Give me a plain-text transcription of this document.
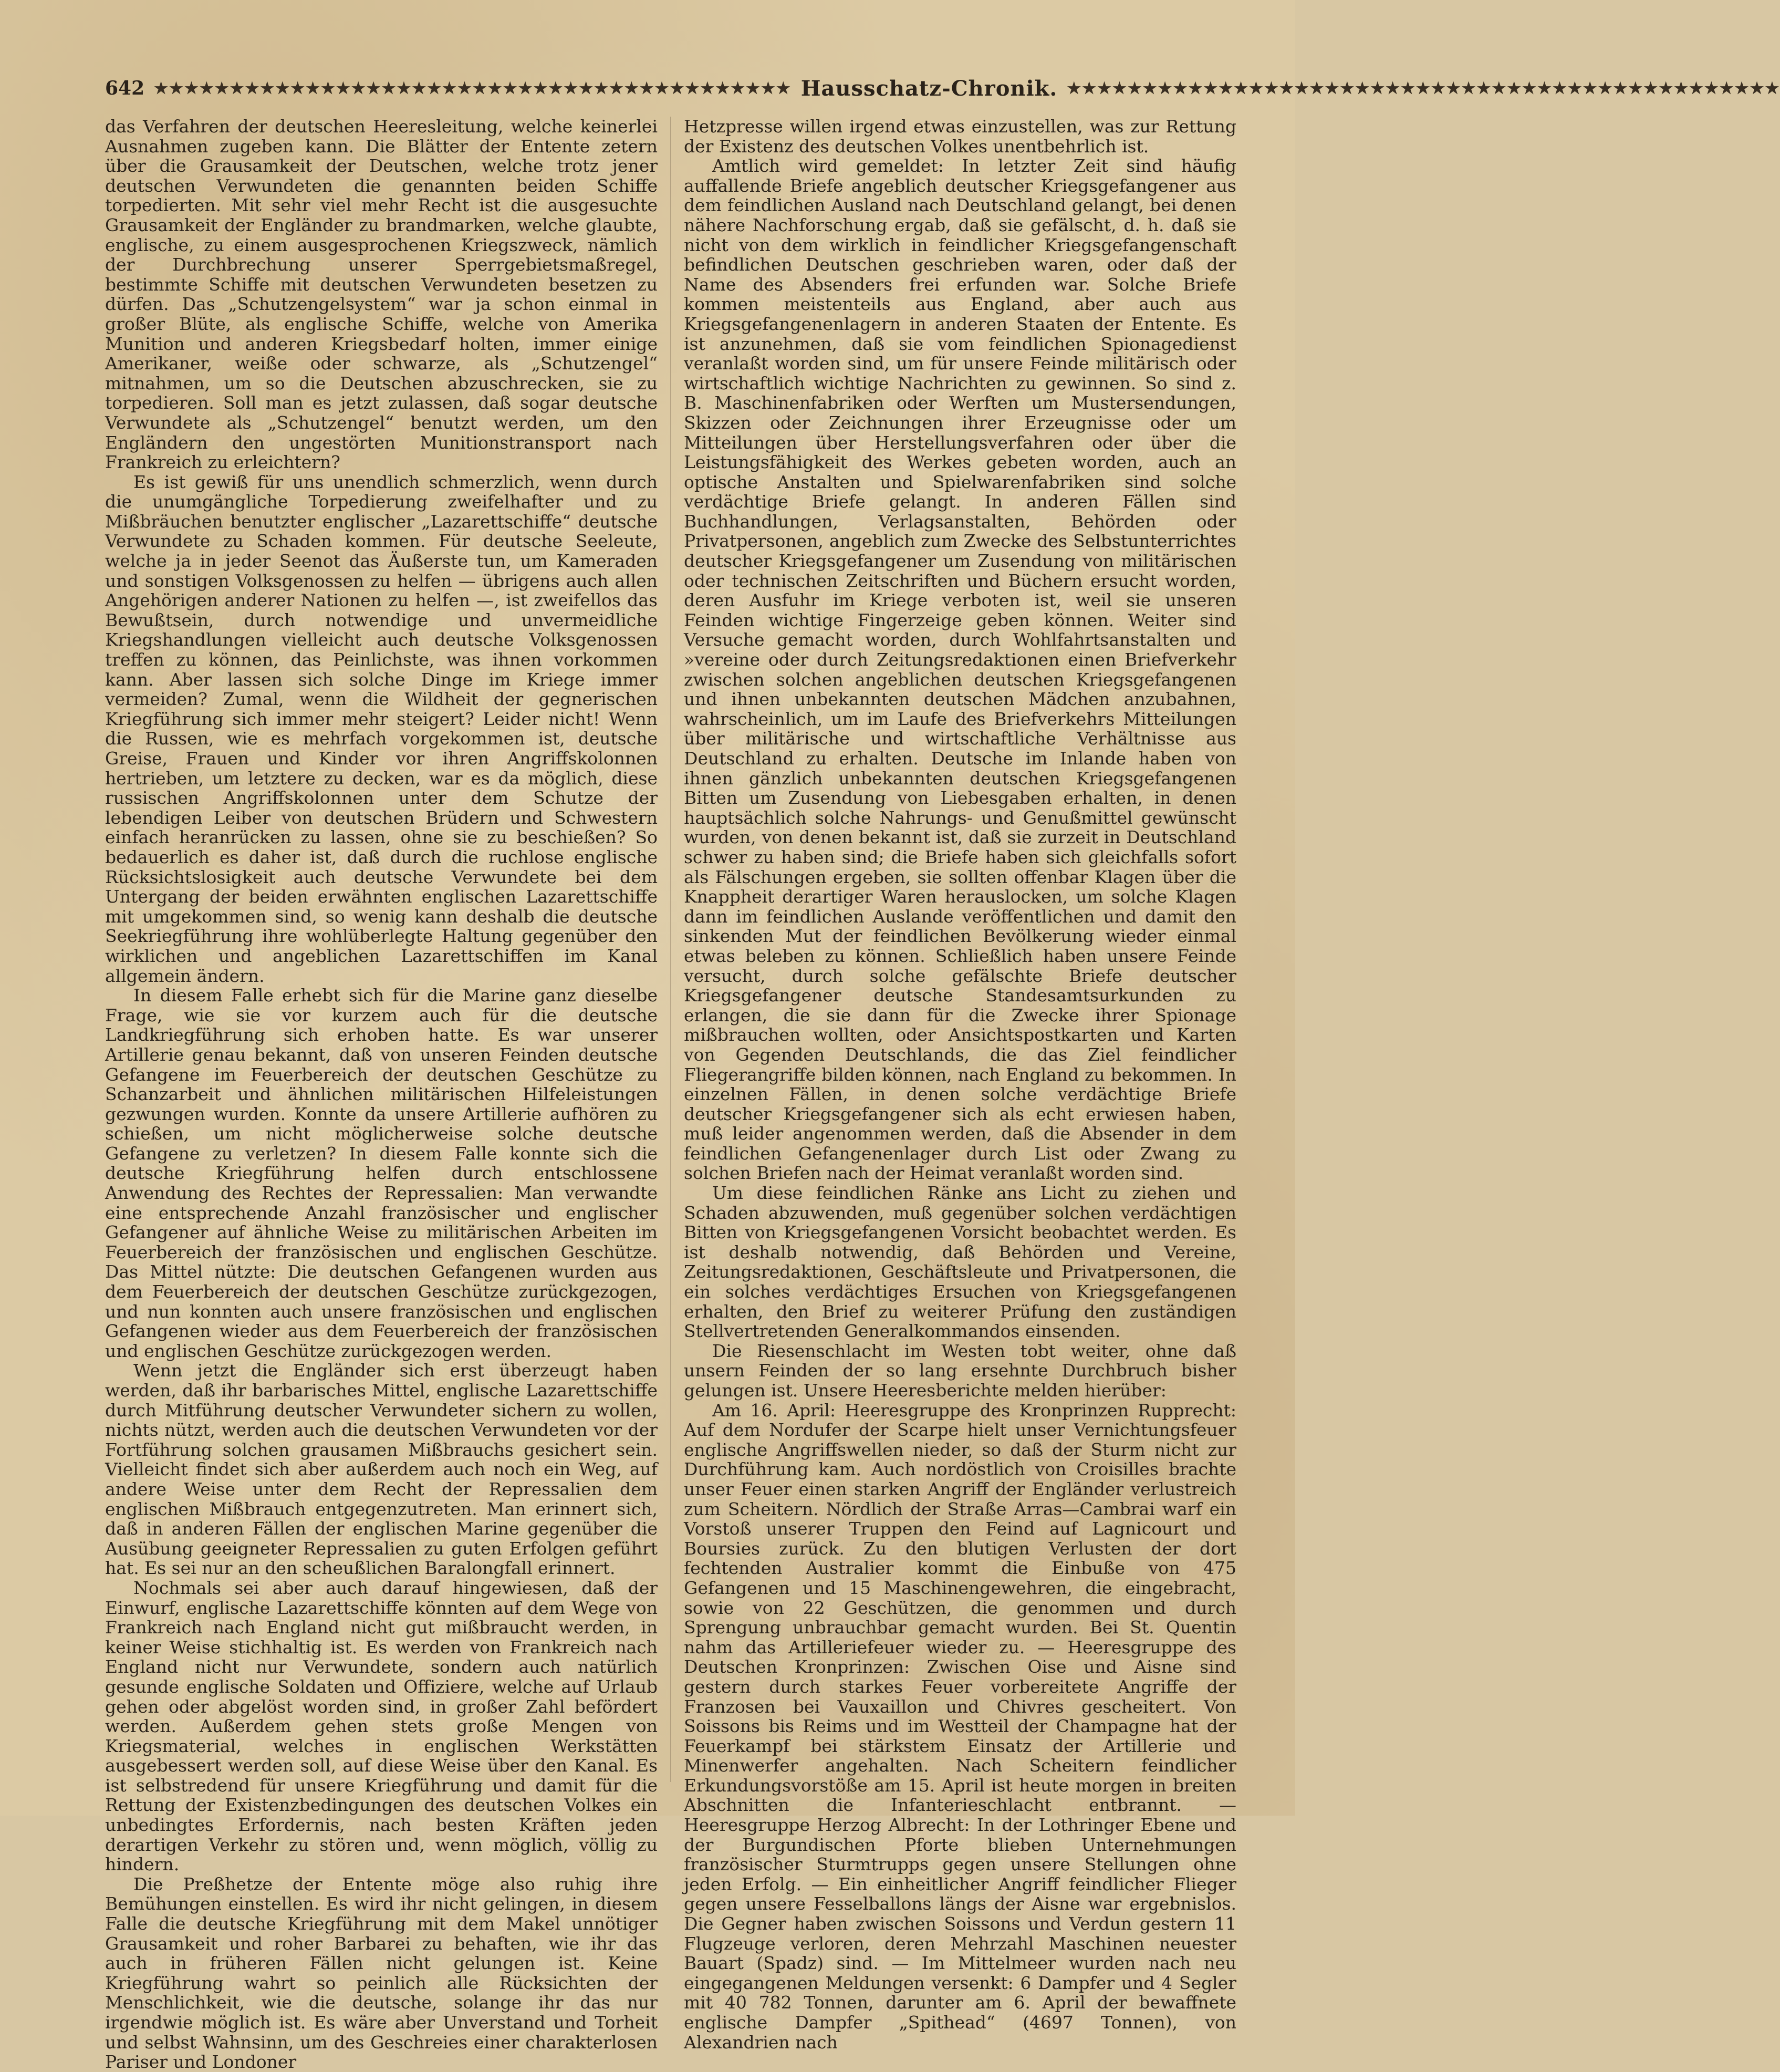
642 ★★★★★★★★★★★★★★★★★★★★★★★★★★★★★★★★★★★★★★★★★★ Hausschatz-Chronik. ★★★★★★★★★★★★★★★★★★★★★★★★★★★★★★★★★★★★★★★★★★★★★★★

das Verfahren der deutschen Heeresleitung, welche keinerlei Ausnahmen zugeben kann. Die Blätter der Entente zetern über die Grausamkeit der Deutschen, welche trotz jener deutschen Verwundeten die genannten beiden Schiffe torpedierten. Mit sehr viel mehr Recht ist die ausgesuchte Grausamkeit der Engländer zu brandmarken, welche glaubte, englische, zu einem ausgesprochenen Kriegszweck, nämlich der Durchbrechung unserer Sperrgebietsmaßregel, bestimmte Schiffe mit deutschen Verwundeten besetzen zu dürfen. Das „Schutzengelsystem“ war ja schon einmal in großer Blüte, als englische Schiffe, welche von Amerika Munition und anderen Kriegsbedarf holten, immer einige Amerikaner, weiße oder schwarze, als „Schutzengel“ mitnahmen, um so die Deutschen abzuschrecken, sie zu torpedieren. Soll man es jetzt zulassen, daß sogar deutsche Verwundete als „Schutzengel“ benutzt werden, um den Engländern den ungestörten Munitionstransport nach Frankreich zu erleichtern?

Es ist gewiß für uns unendlich schmerzlich, wenn durch die unumgängliche Torpedierung zweifelhafter und zu Mißbräuchen benutzter englischer „Lazarettschiffe“ deutsche Verwundete zu Schaden kommen. Für deutsche Seeleute, welche ja in jeder Seenot das Äußerste tun, um Kameraden und sonstigen Volksgenossen zu helfen — übrigens auch allen Angehörigen anderer Nationen zu helfen —, ist zweifellos das Bewußtsein, durch notwendige und unvermeidliche Kriegshandlungen vielleicht auch deutsche Volksgenossen treffen zu können, das Peinlichste, was ihnen vorkommen kann. Aber lassen sich solche Dinge im Kriege immer vermeiden? Zumal, wenn die Wildheit der gegnerischen Kriegführung sich immer mehr steigert? Leider nicht! Wenn die Russen, wie es mehrfach vorgekommen ist, deutsche Greise, Frauen und Kinder vor ihren Angriffskolonnen hertrieben, um letztere zu decken, war es da möglich, diese russischen Angriffskolonnen unter dem Schutze der lebendigen Leiber von deutschen Brüdern und Schwestern einfach heranrücken zu lassen, ohne sie zu beschießen? So bedauerlich es daher ist, daß durch die ruchlose englische Rücksichtslosigkeit auch deutsche Verwundete bei dem Untergang der beiden erwähnten englischen Lazarettschiffe mit umgekommen sind, so wenig kann deshalb die deutsche Seekriegführung ihre wohlüberlegte Haltung gegenüber den wirklichen und angeblichen Lazarettschiffen im Kanal allgemein ändern.

In diesem Falle erhebt sich für die Marine ganz dieselbe Frage, wie sie vor kurzem auch für die deutsche Landkriegführung sich erhoben hatte. Es war unserer Artillerie genau bekannt, daß von unseren Feinden deutsche Gefangene im Feuerbereich der deutschen Geschütze zu Schanzarbeit und ähnlichen militärischen Hilfeleistungen gezwungen wurden. Konnte da unsere Artillerie aufhören zu schießen, um nicht möglicherweise solche deutsche Gefangene zu verletzen? In diesem Falle konnte sich die deutsche Kriegführung helfen durch entschlossene Anwendung des Rechtes der Repressalien: Man verwandte eine entsprechende Anzahl französischer und englischer Gefangener auf ähnliche Weise zu militärischen Arbeiten im Feuerbereich der französischen und englischen Geschütze. Das Mittel nützte: Die deutschen Gefangenen wurden aus dem Feuerbereich der deutschen Geschütze zurückgezogen, und nun konnten auch unsere französischen und englischen Gefangenen wieder aus dem Feuerbereich der französischen und englischen Geschütze zurückgezogen werden.

Wenn jetzt die Engländer sich erst überzeugt haben werden, daß ihr barbarisches Mittel, englische Lazarettschiffe durch Mitführung deutscher Verwundeter sichern zu wollen, nichts nützt, werden auch die deutschen Verwundeten vor der Fortführung solchen grausamen Mißbrauchs gesichert sein. Vielleicht findet sich aber außerdem auch noch ein Weg, auf andere Weise unter dem Recht der Repressalien dem englischen Mißbrauch entgegenzutreten. Man erinnert sich, daß in anderen Fällen der englischen Marine gegenüber die Ausübung geeigneter Repressalien zu guten Erfolgen geführt hat. Es sei nur an den scheußlichen Baralongfall erinnert.

Nochmals sei aber auch darauf hingewiesen, daß der Einwurf, englische Lazarettschiffe könnten auf dem Wege von Frankreich nach England nicht gut mißbraucht werden, in keiner Weise stichhaltig ist. Es werden von Frankreich nach England nicht nur Verwundete, sondern auch natürlich gesunde englische Soldaten und Offiziere, welche auf Urlaub gehen oder abgelöst worden sind, in großer Zahl befördert werden. Außerdem gehen stets große Mengen von Kriegsmaterial, welches in englischen Werkstätten ausgebessert werden soll, auf diese Weise über den Kanal. Es ist selbstredend für unsere Kriegführung und damit für die Rettung der Existenzbedingungen des deutschen Volkes ein unbedingtes Erfordernis, nach besten Kräften jeden derartigen Verkehr zu stören und, wenn möglich, völlig zu hindern.

Die Preßhetze der Entente möge also ruhig ihre Bemühungen einstellen. Es wird ihr nicht gelingen, in diesem Falle die deutsche Kriegführung mit dem Makel unnötiger Grausamkeit und roher Barbarei zu behaften, wie ihr das auch in früheren Fällen nicht gelungen ist. Keine Kriegführung wahrt so peinlich alle Rücksichten der Menschlichkeit, wie die deutsche, solange ihr das nur irgendwie möglich ist. Es wäre aber Unverstand und Torheit und selbst Wahnsinn, um des Geschreies einer charakterlosen Pariser und Londoner

Hetzpresse willen irgend etwas einzustellen, was zur Rettung der Existenz des deutschen Volkes unentbehrlich ist.

Amtlich wird gemeldet: In letzter Zeit sind häufig auffallende Briefe angeblich deutscher Kriegsgefangener aus dem feindlichen Ausland nach Deutschland gelangt, bei denen nähere Nachforschung ergab, daß sie gefälscht, d. h. daß sie nicht von dem wirklich in feindlicher Kriegsgefangenschaft befindlichen Deutschen geschrieben waren, oder daß der Name des Absenders frei erfunden war. Solche Briefe kommen meistenteils aus England, aber auch aus Kriegsgefangenenlagern in anderen Staaten der Entente. Es ist anzunehmen, daß sie vom feindlichen Spionagedienst veranlaßt worden sind, um für unsere Feinde militärisch oder wirtschaftlich wichtige Nachrichten zu gewinnen. So sind z. B. Maschinenfabriken oder Werften um Mustersendungen, Skizzen oder Zeichnungen ihrer Erzeugnisse oder um Mitteilungen über Herstellungsverfahren oder über die Leistungsfähigkeit des Werkes gebeten worden, auch an optische Anstalten und Spielwarenfabriken sind solche verdächtige Briefe gelangt. In anderen Fällen sind Buchhandlungen, Verlagsanstalten, Behörden oder Privatpersonen, angeblich zum Zwecke des Selbstunterrichtes deutscher Kriegsgefangener um Zusendung von militärischen oder technischen Zeitschriften und Büchern ersucht worden, deren Ausfuhr im Kriege verboten ist, weil sie unseren Feinden wichtige Fingerzeige geben können. Weiter sind Versuche gemacht worden, durch Wohlfahrtsanstalten und »vereine oder durch Zeitungsredaktionen einen Briefverkehr zwischen solchen angeblichen deutschen Kriegsgefangenen und ihnen unbekannten deutschen Mädchen anzubahnen, wahrscheinlich, um im Laufe des Briefverkehrs Mitteilungen über militärische und wirtschaftliche Verhältnisse aus Deutschland zu erhalten. Deutsche im Inlande haben von ihnen gänzlich unbekannten deutschen Kriegsgefangenen Bitten um Zusendung von Liebesgaben erhalten, in denen hauptsächlich solche Nahrungs- und Genußmittel gewünscht wurden, von denen bekannt ist, daß sie zurzeit in Deutschland schwer zu haben sind; die Briefe haben sich gleichfalls sofort als Fälschungen ergeben, sie sollten offenbar Klagen über die Knappheit derartiger Waren herauslocken, um solche Klagen dann im feindlichen Auslande veröffentlichen und damit den sinkenden Mut der feindlichen Bevölkerung wieder einmal etwas beleben zu können. Schließlich haben unsere Feinde versucht, durch solche gefälschte Briefe deutscher Kriegsgefangener deutsche Standesamtsurkunden zu erlangen, die sie dann für die Zwecke ihrer Spionage mißbrauchen wollten, oder Ansichtspostkarten und Karten von Gegenden Deutschlands, die das Ziel feindlicher Fliegerangriffe bilden können, nach England zu bekommen. In einzelnen Fällen, in denen solche verdächtige Briefe deutscher Kriegsgefangener sich als echt erwiesen haben, muß leider angenommen werden, daß die Absender in dem feindlichen Gefangenenlager durch List oder Zwang zu solchen Briefen nach der Heimat veranlaßt worden sind.

Um diese feindlichen Ränke ans Licht zu ziehen und Schaden abzuwenden, muß gegenüber solchen verdächtigen Bitten von Kriegsgefangenen Vorsicht beobachtet werden. Es ist deshalb notwendig, daß Behörden und Vereine, Zeitungsredaktionen, Geschäftsleute und Privatpersonen, die ein solches verdächtiges Ersuchen von Kriegsgefangenen erhalten, den Brief zu weiterer Prüfung den zuständigen Stellvertretenden Generalkommandos einsenden.

Die Riesenschlacht im Westen tobt weiter, ohne daß unsern Feinden der so lang ersehnte Durchbruch bisher gelungen ist. Unsere Heeresberichte melden hierüber:

Am 16. April: Heeresgruppe des Kronprinzen Rupprecht: Auf dem Nordufer der Scarpe hielt unser Vernichtungsfeuer englische Angriffswellen nieder, so daß der Sturm nicht zur Durchführung kam. Auch nordöstlich von Croisilles brachte unser Feuer einen starken Angriff der Engländer verlustreich zum Scheitern. Nördlich der Straße Arras—Cambrai warf ein Vorstoß unserer Truppen den Feind auf Lagnicourt und Boursies zurück. Zu den blutigen Verlusten der dort fechtenden Australier kommt die Einbuße von 475 Gefangenen und 15 Maschinengewehren, die eingebracht, sowie von 22 Geschützen, die genommen und durch Sprengung unbrauchbar gemacht wurden. Bei St. Quentin nahm das Artilleriefeuer wieder zu. — Heeresgruppe des Deutschen Kronprinzen: Zwischen Oise und Aisne sind gestern durch starkes Feuer vorbereitete Angriffe der Franzosen bei Vauxaillon und Chivres gescheitert. Von Soissons bis Reims und im Westteil der Champagne hat der Feuerkampf bei stärkstem Einsatz der Artillerie und Minenwerfer angehalten. Nach Scheitern feindlicher Erkundungsvorstöße am 15. April ist heute morgen in breiten Abschnitten die Infanterieschlacht entbrannt. — Heeresgruppe Herzog Albrecht: In der Lothringer Ebene und der Burgundischen Pforte blieben Unternehmungen französischer Sturmtrupps gegen unsere Stellungen ohne jeden Erfolg. — Ein einheitlicher Angriff feindlicher Flieger gegen unsere Fesselballons längs der Aisne war ergebnislos. Die Gegner haben zwischen Soissons und Verdun gestern 11 Flugzeuge verloren, deren Mehrzahl Maschinen neuester Bauart (Spadz) sind. — Im Mittelmeer wurden nach neu eingegangenen Meldungen versenkt: 6 Dampfer und 4 Segler mit 40 782 Tonnen, darunter am 6. April der bewaffnete englische Dampfer „Spithead“ (4697 Tonnen), von Alexandrien nach
